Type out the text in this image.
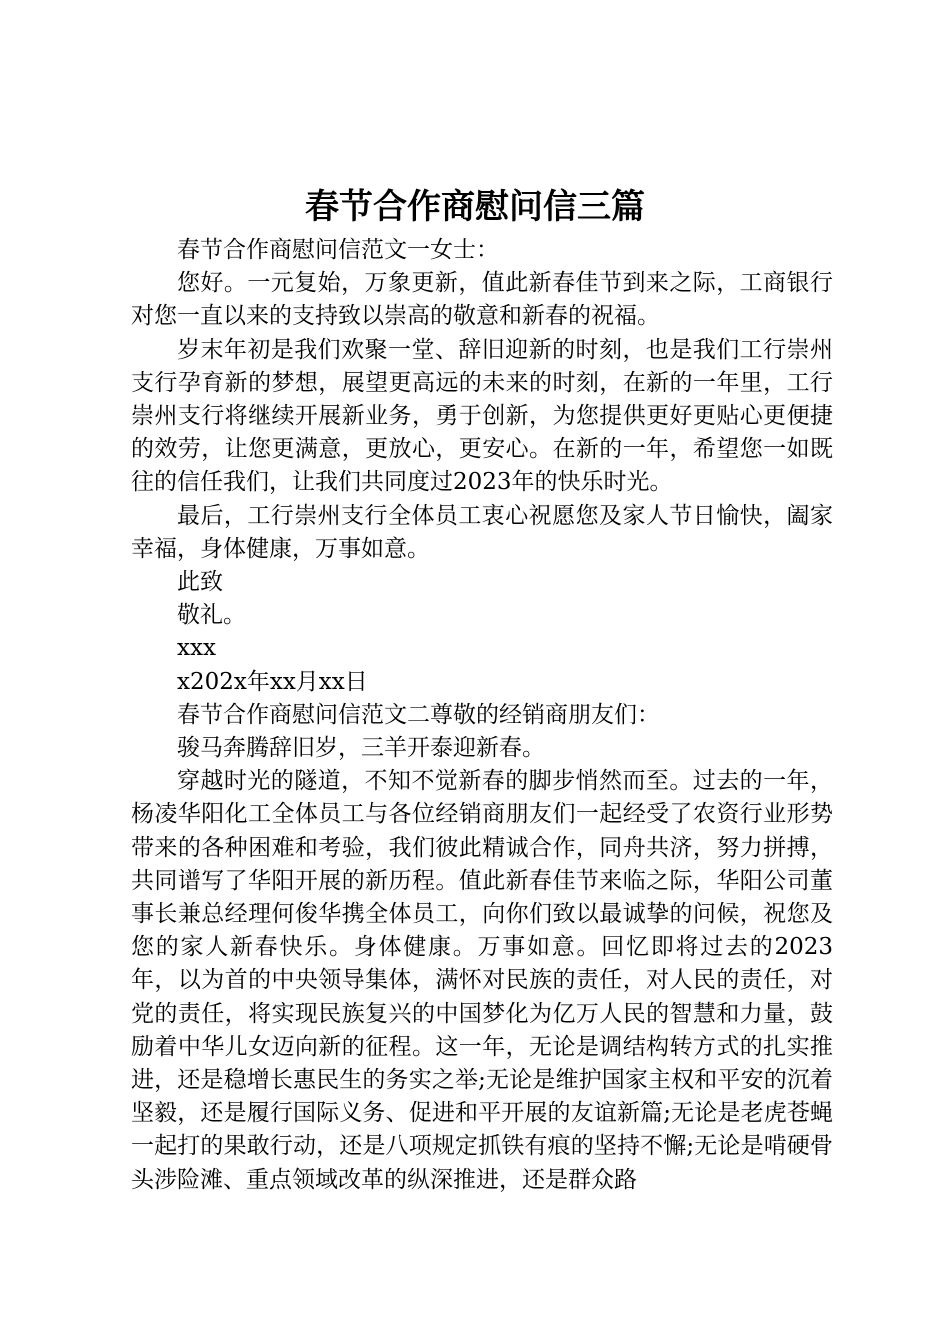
春节合作商慰问信三篇

春节合作商慰问信范文一女士：

您好。一元复始，万象更新，值此新春佳节到来之际，工商银行对您一直以来的支持致以崇高的敬意和新春的祝福。

岁末年初是我们欢聚一堂、辞旧迎新的时刻，也是我们工行崇州支行孕育新的梦想，展望更高远的未来的时刻，在新的一年里，工行崇州支行将继续开展新业务，勇于创新，为您提供更好更贴心更便捷的效劳，让您更满意，更放心，更安心。在新的一年，希望您一如既往的信任我们，让我们共同度过2023年的快乐时光。

最后，工行崇州支行全体员工衷心祝愿您及家人节日愉快，阖家幸福，身体健康，万事如意。

此致

敬礼。

xxx

x202x年xx月xx日

春节合作商慰问信范文二尊敬的经销商朋友们：

骏马奔腾辞旧岁，三羊开泰迎新春。

穿越时光的隧道，不知不觉新春的脚步悄然而至。过去的一年，杨凌华阳化工全体员工与各位经销商朋友们一起经受了农资行业形势带来的各种困难和考验，我们彼此精诚合作，同舟共济，努力拼搏，共同谱写了华阳开展的新历程。值此新春佳节来临之际，华阳公司董事长兼总经理何俊华携全体员工，向你们致以最诚挚的问候，祝您及您的家人新春快乐。身体健康。万事如意。回忆即将过去的2023年，以为首的中央领导集体，满怀对民族的责任，对人民的责任，对党的责任，将实现民族复兴的中国梦化为亿万人民的智慧和力量，鼓励着中华儿女迈向新的征程。这一年，无论是调结构转方式的扎实推进，还是稳增长惠民生的务实之举;无论是维护国家主权和平安的沉着坚毅，还是履行国际义务、促进和平开展的友谊新篇;无论是老虎苍蝇一起打的果敢行动，还是八项规定抓铁有痕的坚持不懈;无论是啃硬骨头涉险滩、重点领域改革的纵深推进，还是群众路
